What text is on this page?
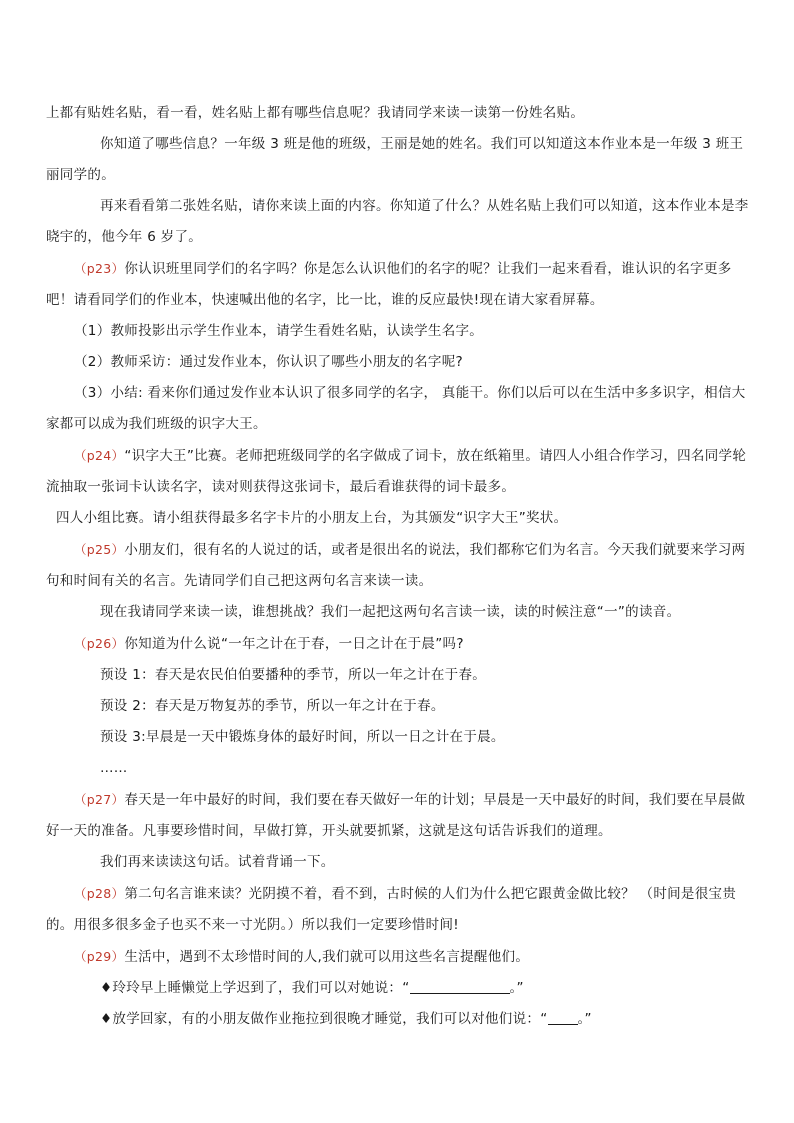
上都有贴姓名贴，看一看，姓名贴上都有哪些信息呢？我请同学来读一读第一份姓名贴。

你知道了哪些信息？一年级 3 班是他的班级，王丽是她的姓名。我们可以知道这本作业本是一年级 3 班王丽同学的。

再来看看第二张姓名贴，请你来读上面的内容。你知道了什么？从姓名贴上我们可以知道，这本作业本是李晓宇的，他今年 6 岁了。

（p23）你认识班里同学们的名字吗？你是怎么认识他们的名字的呢？让我们一起来看看，谁认识的名字更多吧！请看同学们的作业本，快速喊出他的名字，比一比，谁的反应最快!现在请大家看屏幕。

（1）教师投影出示学生作业本，请学生看姓名贴，认读学生名字。

（2）教师采访：通过发作业本，你认识了哪些小朋友的名字呢?

（3）小结: 看来你们通过发作业本认识了很多同学的名字， 真能干。你们以后可以在生活中多多识字，相信大家都可以成为我们班级的识字大王。

（p24）“识字大王”比赛。老师把班级同学的名字做成了词卡，放在纸箱里。请四人小组合作学习，四名同学轮流抽取一张词卡认读名字，读对则获得这张词卡，最后看谁获得的词卡最多。

四人小组比赛。请小组获得最多名字卡片的小朋友上台，为其颁发“识字大王”奖状。

（p25）小朋友们，很有名的人说过的话，或者是很出名的说法，我们都称它们为名言。今天我们就要来学习两句和时间有关的名言。先请同学们自己把这两句名言来读一读。

现在我请同学来读一读，谁想挑战？我们一起把这两句名言读一读，读的时候注意“一”的读音。

（p26）你知道为什么说“一年之计在于春，一日之计在于晨”吗?

预设 1：春天是农民伯伯要播种的季节，所以一年之计在于春。

预设 2：春天是万物复苏的季节，所以一年之计在于春。

预设 3:早晨是一天中锻炼身体的最好时间，所以一日之计在于晨。

……

（p27）春天是一年中最好的时间，我们要在春天做好一年的计划；早晨是一天中最好的时间，我们要在早晨做好一天的准备。凡事要珍惜时间，早做打算，开头就要抓紧，这就是这句话告诉我们的道理。

我们再来读读这句话。试着背诵一下。

（p28）第二句名言谁来读？光阴摸不着，看不到，古时候的人们为什么把它跟黄金做比较？ （时间是很宝贵的。用很多很多金子也买不来一寸光阴。）所以我们一定要珍惜时间!

（p29）生活中，遇到不太珍惜时间的人,我们就可以用这些名言提醒他们。

♦玲玲早上睡懒觉上学迟到了，我们可以对她说：“	。”

♦放学回家，有的小朋友做作业拖拉到很晚才睡觉，我们可以对他们说：“ 。”
